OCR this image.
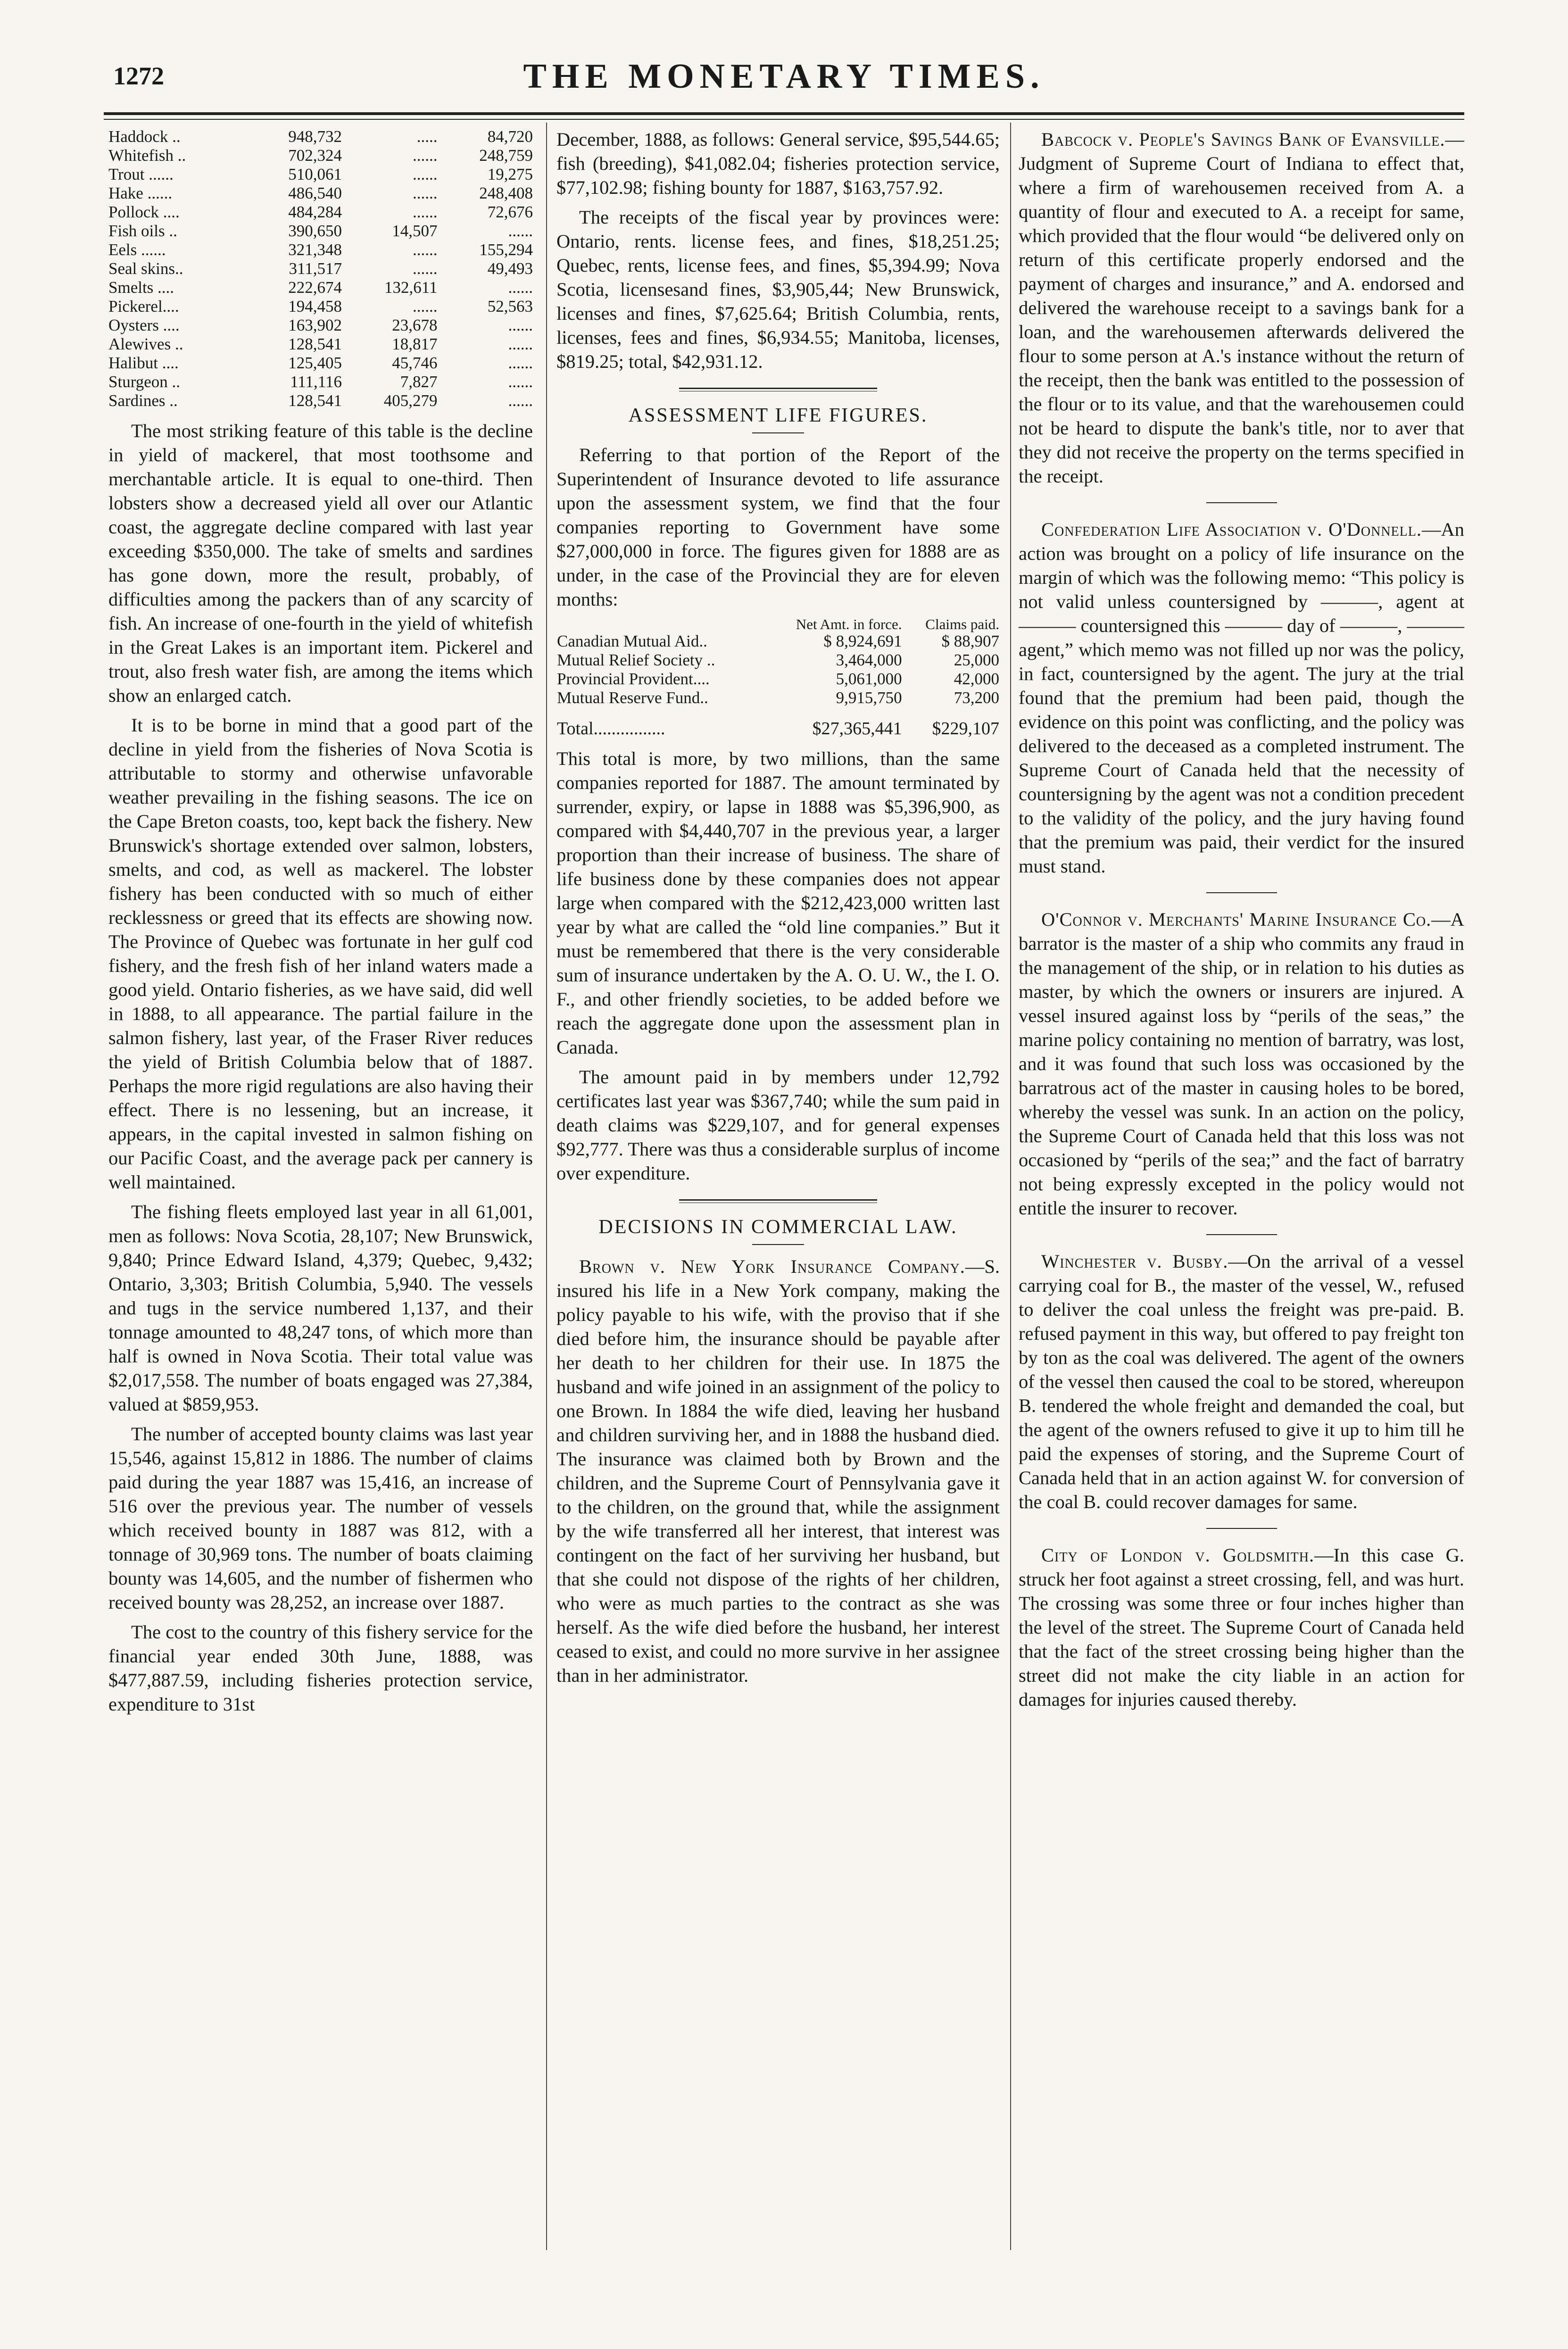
1272	THE MONETARY TIMES.
Haddock ..	948,732	.....	84,720
Whitefish ..	702,324	......	248,759
Trout ......	510,061	......	19,275
Hake ......	486,540	......	248,408
Pollock ....	484,284	......	72,676
Fish oils ..	390,650	14,507	......
Eels ......	321,348	......	155,294
Seal skins..	311,517	......	49,493
Smelts ....	222,674	132,611	......
Pickerel....	194,458	......	52,563
Oysters ....	163,902	23,678	......
Alewives ..	128,541	18,817	......
Halibut ....	125,405	45,746	......
Sturgeon ..	111,116	7,827	......
Sardines ..	128,541	405,279	......

The most striking feature of this table is the decline in yield of mackerel, that most toothsome and merchantable article. It is equal to one-third. Then lobsters show a decreased yield all over our Atlantic coast, the aggregate decline compared with last year exceeding $350,000. The take of smelts and sardines has gone down, more the result, probably, of difficulties among the packers than of any scarcity of fish. An increase of one-fourth in the yield of whitefish in the Great Lakes is an important item. Pickerel and trout, also fresh water fish, are among the items which show an enlarged catch.

It is to be borne in mind that a good part of the decline in yield from the fisheries of Nova Scotia is attributable to stormy and otherwise unfavorable weather prevailing in the fishing seasons. The ice on the Cape Breton coasts, too, kept back the fishery. New Brunswick's shortage extended over salmon, lobsters, smelts, and cod, as well as mackerel. The lobster fishery has been conducted with so much of either recklessness or greed that its effects are showing now. The Province of Quebec was fortunate in her gulf cod fishery, and the fresh fish of her inland waters made a good yield. Ontario fisheries, as we have said, did well in 1888, to all appearance. The partial failure in the salmon fishery, last year, of the Fraser River reduces the yield of British Columbia below that of 1887. Perhaps the more rigid regulations are also having their effect. There is no lessening, but an increase, it appears, in the capital invested in salmon fishing on our Pacific Coast, and the average pack per cannery is well maintained.

The fishing fleets employed last year in all 61,001, men as follows: Nova Scotia, 28,107; New Brunswick, 9,840; Prince Edward Island, 4,379; Quebec, 9,432; Ontario, 3,303; British Columbia, 5,940. The vessels and tugs in the service numbered 1,137, and their tonnage amounted to 48,247 tons, of which more than half is owned in Nova Scotia. Their total value was $2,017,558. The number of boats engaged was 27,384, valued at $859,953.

The number of accepted bounty claims was last year 15,546, against 15,812 in 1886. The number of claims paid during the year 1887 was 15,416, an increase of 516 over the previous year. The number of vessels which received bounty in 1887 was 812, with a tonnage of 30,969 tons. The number of boats claiming bounty was 14,605, and the number of fishermen who received bounty was 28,252, an increase over 1887.

The cost to the country of this fishery service for the financial year ended 30th June, 1888, was $477,887.59, including fisheries protection service, expenditure to 31st

December, 1888, as follows: General service, $95,544.65; fish (breeding), $41,082.04; fisheries protection service, $77,102.98; fishing bounty for 1887, $163,757.92.

The receipts of the fiscal year by provinces were: Ontario, rents. license fees, and fines, $18,251.25; Quebec, rents, license fees, and fines, $5,394.99; Nova Scotia, licensesand fines, $3,905,44; New Brunswick, licenses and fines, $7,625.64; British Columbia, rents, licenses, fees and fines, $6,934.55; Manitoba, licenses, $819.25; total, $42,931.12.

ASSESSMENT LIFE FIGURES.

Referring to that portion of the Report of the Superintendent of Insurance devoted to life assurance upon the assessment system, we find that the four companies reporting to Government have some $27,000,000 in force. The figures given for 1888 are as under, in the case of the Provincial they are for eleven months:

	Net Amt. in force.	Claims paid.
Canadian Mutual Aid..	$ 8,924,691	$ 88,907
Mutual Relief Society ..	3,464,000	25,000
Provincial Provident....	5,061,000	42,000
Mutual Reserve Fund..	9,915,750	73,200
Total................	$27,365,441	$229,107

This total is more, by two millions, than the same companies reported for 1887. The amount terminated by surrender, expiry, or lapse in 1888 was $5,396,900, as compared with $4,440,707 in the previous year, a larger proportion than their increase of business. The share of life business done by these companies does not appear large when compared with the $212,423,000 written last year by what are called the “old line companies.” But it must be remembered that there is the very considerable sum of insurance undertaken by the A. O. U. W., the I. O. F., and other friendly societies, to be added before we reach the aggregate done upon the assessment plan in Canada.

The amount paid in by members under 12,792 certificates last year was $367,740; while the sum paid in death claims was $229,107, and for general expenses $92,777. There was thus a considerable surplus of income over expenditure.

DECISIONS IN COMMERCIAL LAW.

Brown v. New York Insurance Company.—S. insured his life in a New York company, making the policy payable to his wife, with the proviso that if she died before him, the insurance should be payable after her death to her children for their use. In 1875 the husband and wife joined in an assignment of the policy to one Brown. In 1884 the wife died, leaving her husband and children surviving her, and in 1888 the husband died. The insurance was claimed both by Brown and the children, and the Supreme Court of Pennsylvania gave it to the children, on the ground that, while the assignment by the wife transferred all her interest, that interest was contingent on the fact of her surviving her husband, but that she could not dispose of the rights of her children, who were as much parties to the contract as she was herself. As the wife died before the husband, her interest ceased to exist, and could no more survive in her assignee than in her administrator.

Babcock v. People's Savings Bank of Evansville.—Judgment of Supreme Court of Indiana to effect that, where a firm of warehousemen received from A. a quantity of flour and executed to A. a receipt for same, which provided that the flour would “be delivered only on return of this certificate properly endorsed and the payment of charges and insurance,” and A. endorsed and delivered the warehouse receipt to a savings bank for a loan, and the warehousemen afterwards delivered the flour to some person at A.'s instance without the return of the receipt, then the bank was entitled to the possession of the flour or to its value, and that the warehousemen could not be heard to dispute the bank's title, nor to aver that they did not receive the property on the terms specified in the receipt.

Confederation Life Association v. O'Donnell.—An action was brought on a policy of life insurance on the margin of which was the following memo: “This policy is not valid unless countersigned by ———, agent at ——— countersigned this ——— day of ———, ——— agent,” which memo was not filled up nor was the policy, in fact, countersigned by the agent. The jury at the trial found that the premium had been paid, though the evidence on this point was conflicting, and the policy was delivered to the deceased as a completed instrument. The Supreme Court of Canada held that the necessity of countersigning by the agent was not a condition precedent to the validity of the policy, and the jury having found that the premium was paid, their verdict for the insured must stand.

O'Connor v. Merchants' Marine Insurance Co.—A barrator is the master of a ship who commits any fraud in the management of the ship, or in relation to his duties as master, by which the owners or insurers are injured. A vessel insured against loss by “perils of the seas,” the marine policy containing no mention of barratry, was lost, and it was found that such loss was occasioned by the barratrous act of the master in causing holes to be bored, whereby the vessel was sunk. In an action on the policy, the Supreme Court of Canada held that this loss was not occasioned by “perils of the sea;” and the fact of barratry not being expressly excepted in the policy would not entitle the insurer to recover.

Winchester v. Busby.—On the arrival of a vessel carrying coal for B., the master of the vessel, W., refused to deliver the coal unless the freight was pre-paid. B. refused payment in this way, but offered to pay freight ton by ton as the coal was delivered. The agent of the owners of the vessel then caused the coal to be stored, whereupon B. tendered the whole freight and demanded the coal, but the agent of the owners refused to give it up to him till he paid the expenses of storing, and the Supreme Court of Canada held that in an action against W. for conversion of the coal B. could recover damages for same.

City of London v. Goldsmith.—In this case G. struck her foot against a street crossing, fell, and was hurt. The crossing was some three or four inches higher than the level of the street. The Supreme Court of Canada held that the fact of the street crossing being higher than the street did not make the city liable in an action for damages for injuries caused thereby.
